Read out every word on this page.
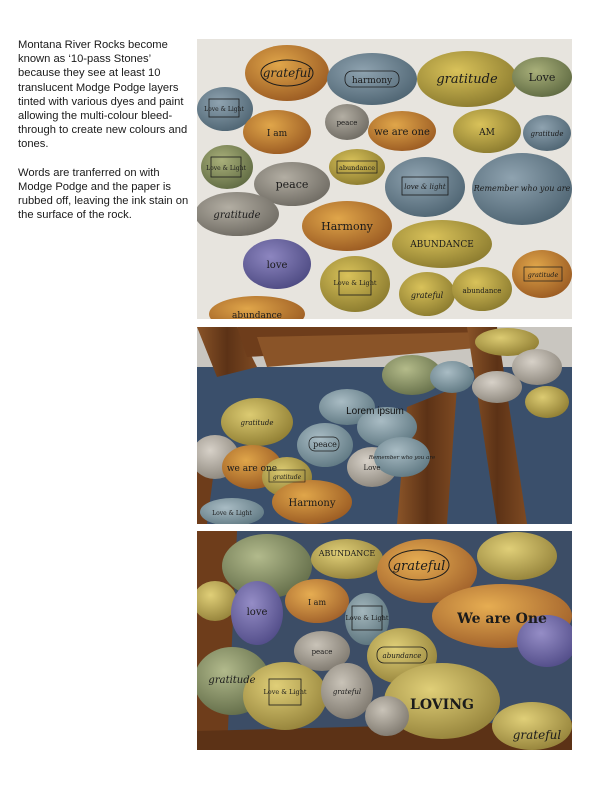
Montana River Rocks become known as ‘10-pass Stones’ because they see at least 10 translucent Modge Podge layers tinted with various dyes and paint allowing the multi-colour bleed-through to create new colours and tones.

Words are tranferred on with Modge Podge and the paper is rubbed off, leaving the ink stain on the surface of the rock.

grateful
harmony	gratitude	Love
Love & Light
I am
peace
we are one	AM	gratitude
Love & Light
peace
abundance
love & light	Remember who you are
gratitude
Harmony
ABUNDANCE
love
Love & Light
grateful	abundance
gratitude
abundance
Lorem ipsum
we are one
gratitude
peace
Love
Remember who you are
Harmony
gratitude
Love & Light
ABUNDANCE
grateful
love
I am
Love & Light	We are One
gratitude
peace	abundance
Love & Light	grateful
LOVING
grateful
